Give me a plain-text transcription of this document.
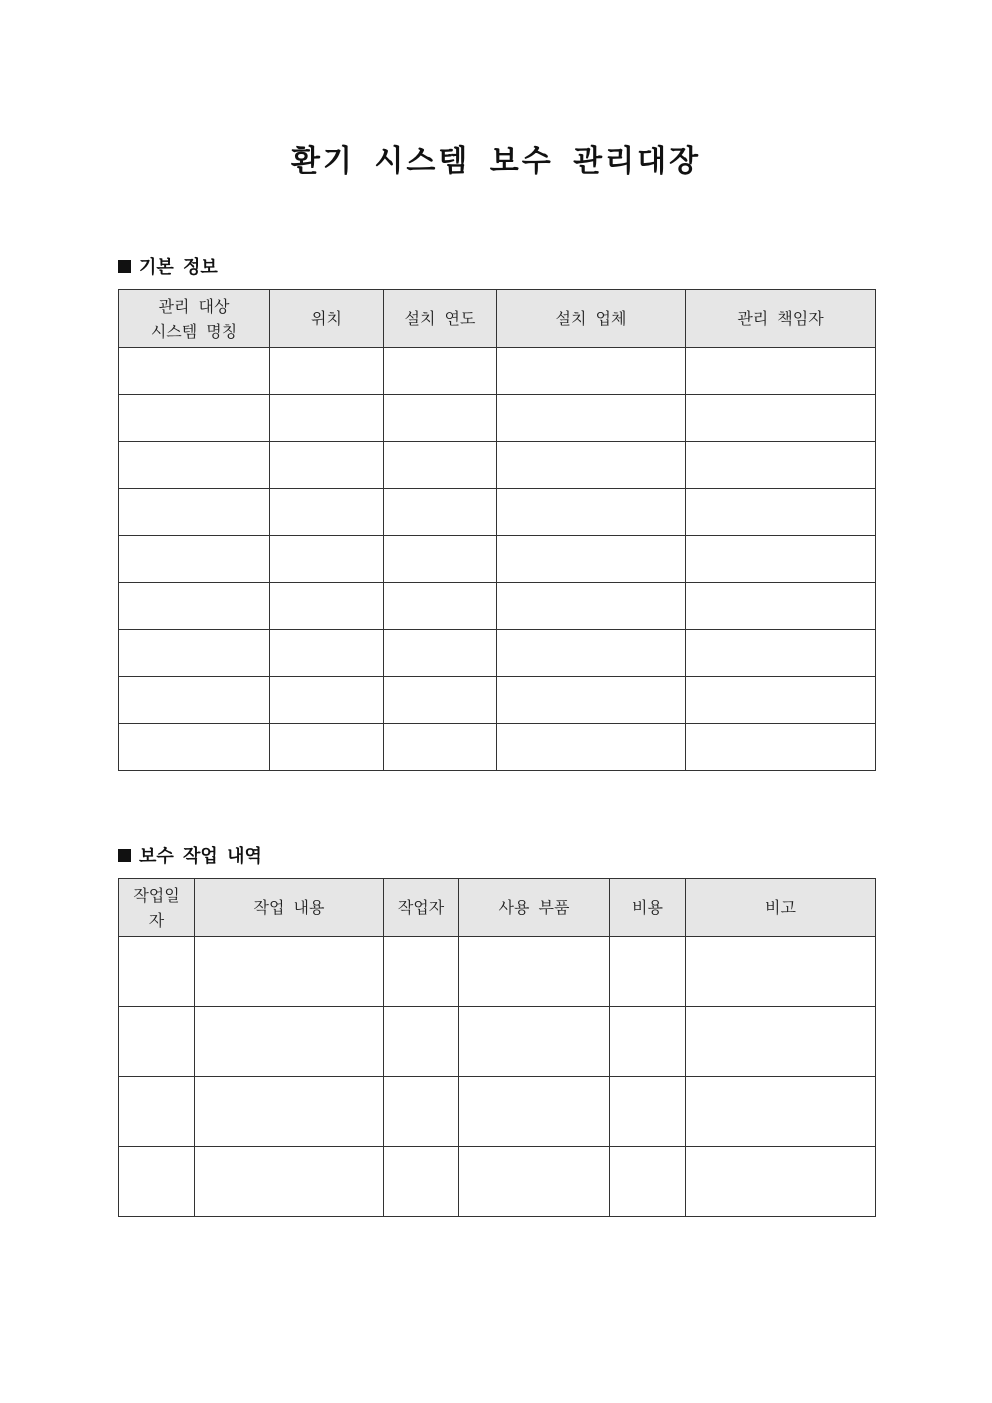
환기 시스템 보수 관리대장
기본 정보
관리 대상
시스템 명칭	위치	설치 연도	설치 업체	관리 책임자

보수 작업 내역
작업일
자	작업 내용	작업자	사용 부품	비용	비고
